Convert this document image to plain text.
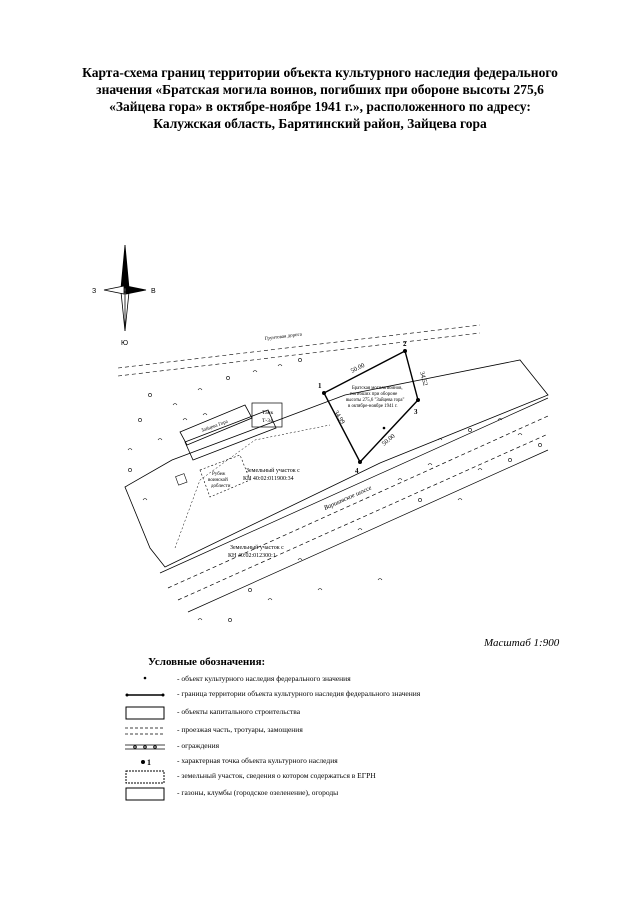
Карта-схема границ территории объекта культурного наследия федерального
значения «Братская могила воинов, погибших при обороне высоты 275,6
«Зайцева гора» в октябре-ноябре 1941 г.», расположенного по адресу:
Калужская область, Барятинский район, Зайцева гора
З	В
Ю
Грунтовая дорога
Зайцева Гора
Танк
Т-34
Рубеж
воинской
доблести
Земельный участок с
КН 40:02:011900:34
Земельный участок с
КН 40:02:012300:1
Варшавское шоссе
1
2
3
4
50.00
34.52
50.00
34.99
Братская могила воинов,
погибших при обороне
высоты 275,6 "Зайцева гора"
в октябре-ноябре 1941 г.
Масштаб 1:900
Условные обозначения:
- объект культурного наследия федерального значения
- граница территории объекта культурного наследия федерального значения
- объекты капитального строительства
- проезжая часть, тротуары, замощения
- ограждения
1	- характерная точка объекта культурного наследия
- земельный участок, сведения о котором содержаться в ЕГРН
- газоны, клумбы (городское озеленение), огороды
